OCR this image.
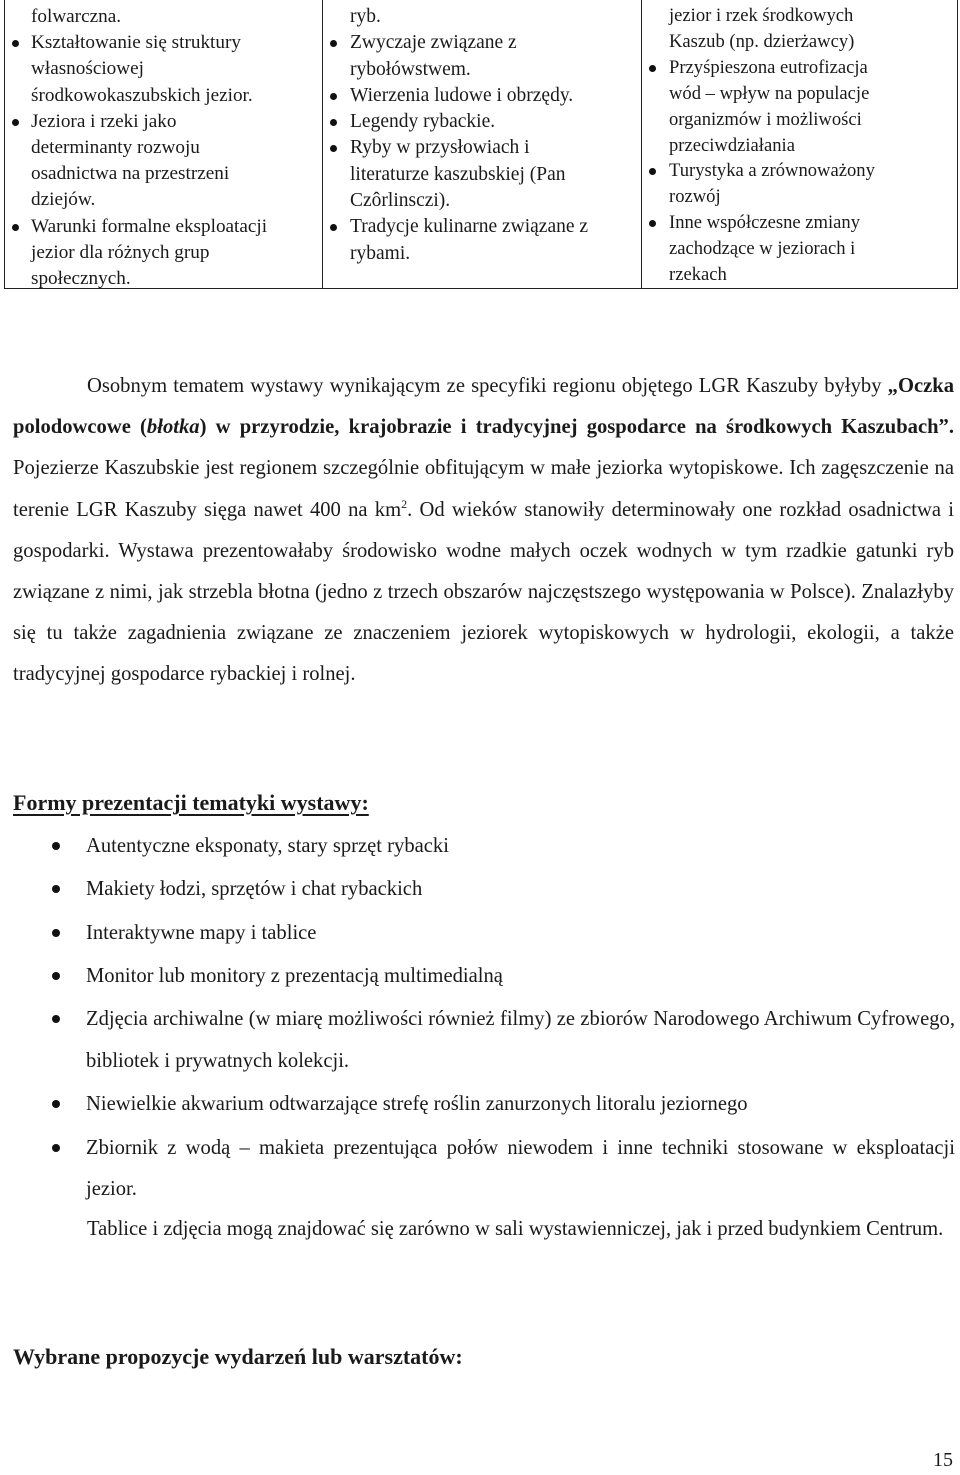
folwarczna.

Kształtowanie się struktury
własnościowej
środkowokaszubskich jezior.
Jeziora i rzeki jako
determinanty rozwoju
osadnictwa na przestrzeni
dziejów.
Warunki formalne eksploatacji
jezior dla różnych grup
społecznych.

ryb.

Zwyczaje związane z
rybołówstwem.
Wierzenia ludowe i obrzędy.
Legendy rybackie.
Ryby w przysłowiach i
literaturze kaszubskiej (Pan
Czôrlinsczi).
Tradycje kulinarne związane z
rybami.

jezior i rzek środkowych
Kaszub (np. dzierżawcy)

Przyśpieszona eutrofizacja
wód – wpływ na populacje
organizmów i możliwości
przeciwdziałania
Turystyka a zrównoważony
rozwój
Inne współczesne zmiany
zachodzące w jeziorach i
rzekach

Osobnym tematem wystawy wynikającym ze specyfiki regionu objętego LGR Kaszuby byłyby „Oczka polodowcowe (błotka) w przyrodzie, krajobrazie i tradycyjnej gospodarce na środkowych Kaszubach”. Pojezierze Kaszubskie jest regionem szczególnie obfitującym w małe jeziorka wytopiskowe. Ich zagęszczenie na terenie LGR Kaszuby sięga nawet 400 na $km^2$. Od wieków stanowiły determinowały one rozkład osadnictwa i gospodarki. Wystawa prezentowałaby środowisko wodne małych oczek wodnych w tym rzadkie gatunki ryb związane z nimi, jak strzebla błotna (jedno z trzech obszarów najczęstszego występowania w Polsce). Znalazłyby się tu także zagadnienia związane ze znaczeniem jeziorek wytopiskowych w hydrologii, ekologii, a także tradycyjnej gospodarce rybackiej i rolnej.

Formy prezentacji tematyki wystawy:
Autentyczne eksponaty, stary sprzęt rybacki
Makiety łodzi, sprzętów i chat rybackich
Interaktywne mapy i tablice
Monitor lub monitory z prezentacją multimedialną
Zdjęcia archiwalne (w miarę możliwości również filmy) ze zbiorów Narodowego Archiwum Cyfrowego, bibliotek i prywatnych kolekcji.
Niewielkie akwarium odtwarzające strefę roślin zanurzonych litoralu jeziornego
Zbiornik z wodą – makieta prezentująca połów niewodem i inne techniki stosowane w eksploatacji jezior.

Tablice i zdjęcia mogą znajdować się zarówno w sali wystawienniczej, jak i przed budynkiem Centrum.

Wybrane propozycje wydarzeń lub warsztatów:
15
